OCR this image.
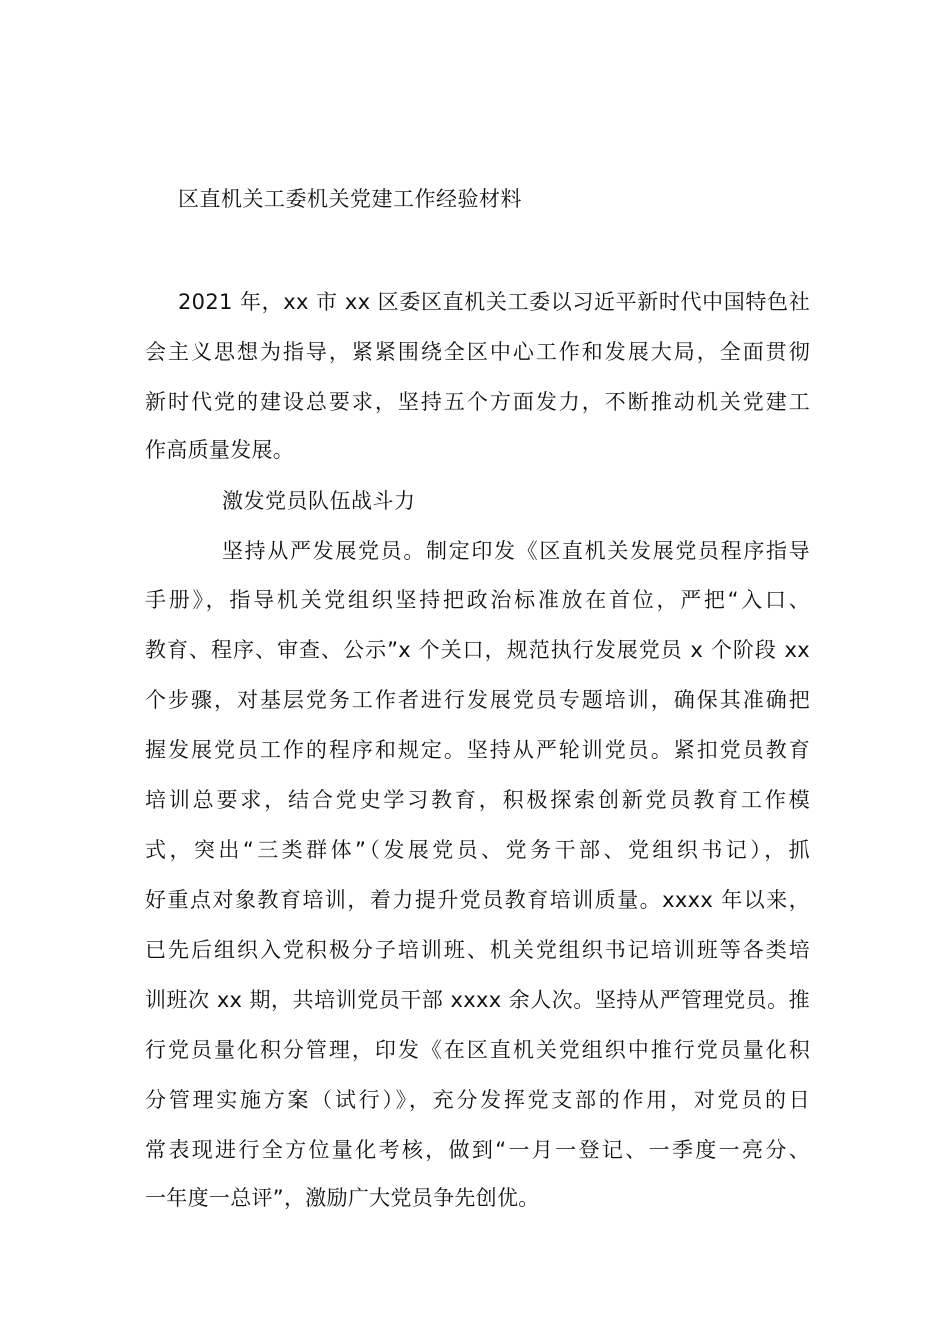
区直机关工委机关党建工作经验材料
2021 年，xx 市 xx 区委区直机关工委以习近平新时代中国特色社
会主义思想为指导，紧紧围绕全区中心工作和发展大局，全面贯彻
新时代党的建设总要求，坚持五个方面发力，不断推动机关党建工
作高质量发展。
激发党员队伍战斗力
坚持从严发展党员。制定印发《区直机关发展党员程序指导
手册》，指导机关党组织坚持把政治标准放在首位，严把“入口、
教育、程序、审查、公示”x 个关口，规范执行发展党员 x 个阶段 xx
个步骤，对基层党务工作者进行发展党员专题培训，确保其准确把
握发展党员工作的程序和规定。坚持从严轮训党员。紧扣党员教育
培训总要求，结合党史学习教育，积极探索创新党员教育工作模
式，突出“三类群体”（发展党员、党务干部、党组织书记），抓
好重点对象教育培训，着力提升党员教育培训质量。xxxx 年以来，
已先后组织入党积极分子培训班、机关党组织书记培训班等各类培
训班次 xx 期，共培训党员干部 xxxx 余人次。坚持从严管理党员。推
行党员量化积分管理，印发《在区直机关党组织中推行党员量化积
分管理实施方案（试行）》，充分发挥党支部的作用，对党员的日
常表现进行全方位量化考核，做到“一月一登记、一季度一亮分、
一年度一总评”，激励广大党员争先创优。
